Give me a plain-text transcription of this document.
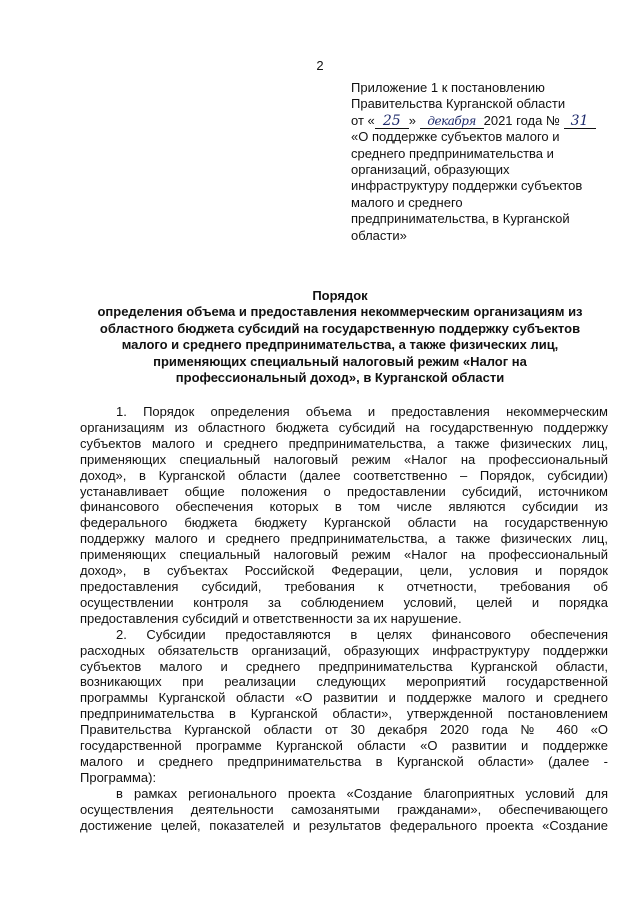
2
Приложение 1 к постановлению
Правительства Курганской области
от « 25 » декабря 2021 года № 31
«О поддержке субъектов малого и
среднего предпринимательства и
организаций, образующих
инфраструктуру поддержки субъектов
малого и среднего
предпринимательства, в Курганской
области»
Порядок
определения объема и предоставления некоммерческим организациям из
областного бюджета субсидий на государственную поддержку субъектов
малого и среднего предпринимательства, а также физических лиц,
применяющих специальный налоговый режим «Налог на
профессиональный доход», в Курганской области

1. Порядок определения объема и предоставления некоммерческим
организациям из областного бюджета субсидий на государственную поддержку
субъектов малого и среднего предпринимательства, а также физических лиц,
применяющих специальный налоговый режим «Налог на профессиональный
доход», в Курганской области (далее соответственно – Порядок, субсидии)
устанавливает общие положения о предоставлении субсидий, источником
финансового обеспечения которых в том числе являются субсидии из
федерального бюджета бюджету Курганской области на государственную
поддержку малого и среднего предпринимательства, а также физических лиц,
применяющих специальный налоговый режим «Налог на профессиональный
доход», в субъектах Российской Федерации, цели, условия и порядок
предоставления субсидий, требования к отчетности, требования об
осуществлении контроля за соблюдением условий, целей и порядка
предоставления субсидий и ответственности за их нарушение.

2. Субсидии предоставляются в целях финансового обеспечения
расходных обязательств организаций, образующих инфраструктуру поддержки
субъектов малого и среднего предпринимательства Курганской области,
возникающих при реализации следующих мероприятий государственной
программы Курганской области «О развитии и поддержке малого и среднего
предпринимательства в Курганской области», утвержденной постановлением
Правительства Курганской области от 30 декабря 2020 года № 460 «О
государственной программе Курганской области «О развитии и поддержке
малого и среднего предпринимательства в Курганской области» (далее -
Программа):

в рамках регионального проекта «Создание благоприятных условий для
осуществления деятельности самозанятыми гражданами», обеспечивающего
достижение целей, показателей и результатов федерального проекта «Создание
